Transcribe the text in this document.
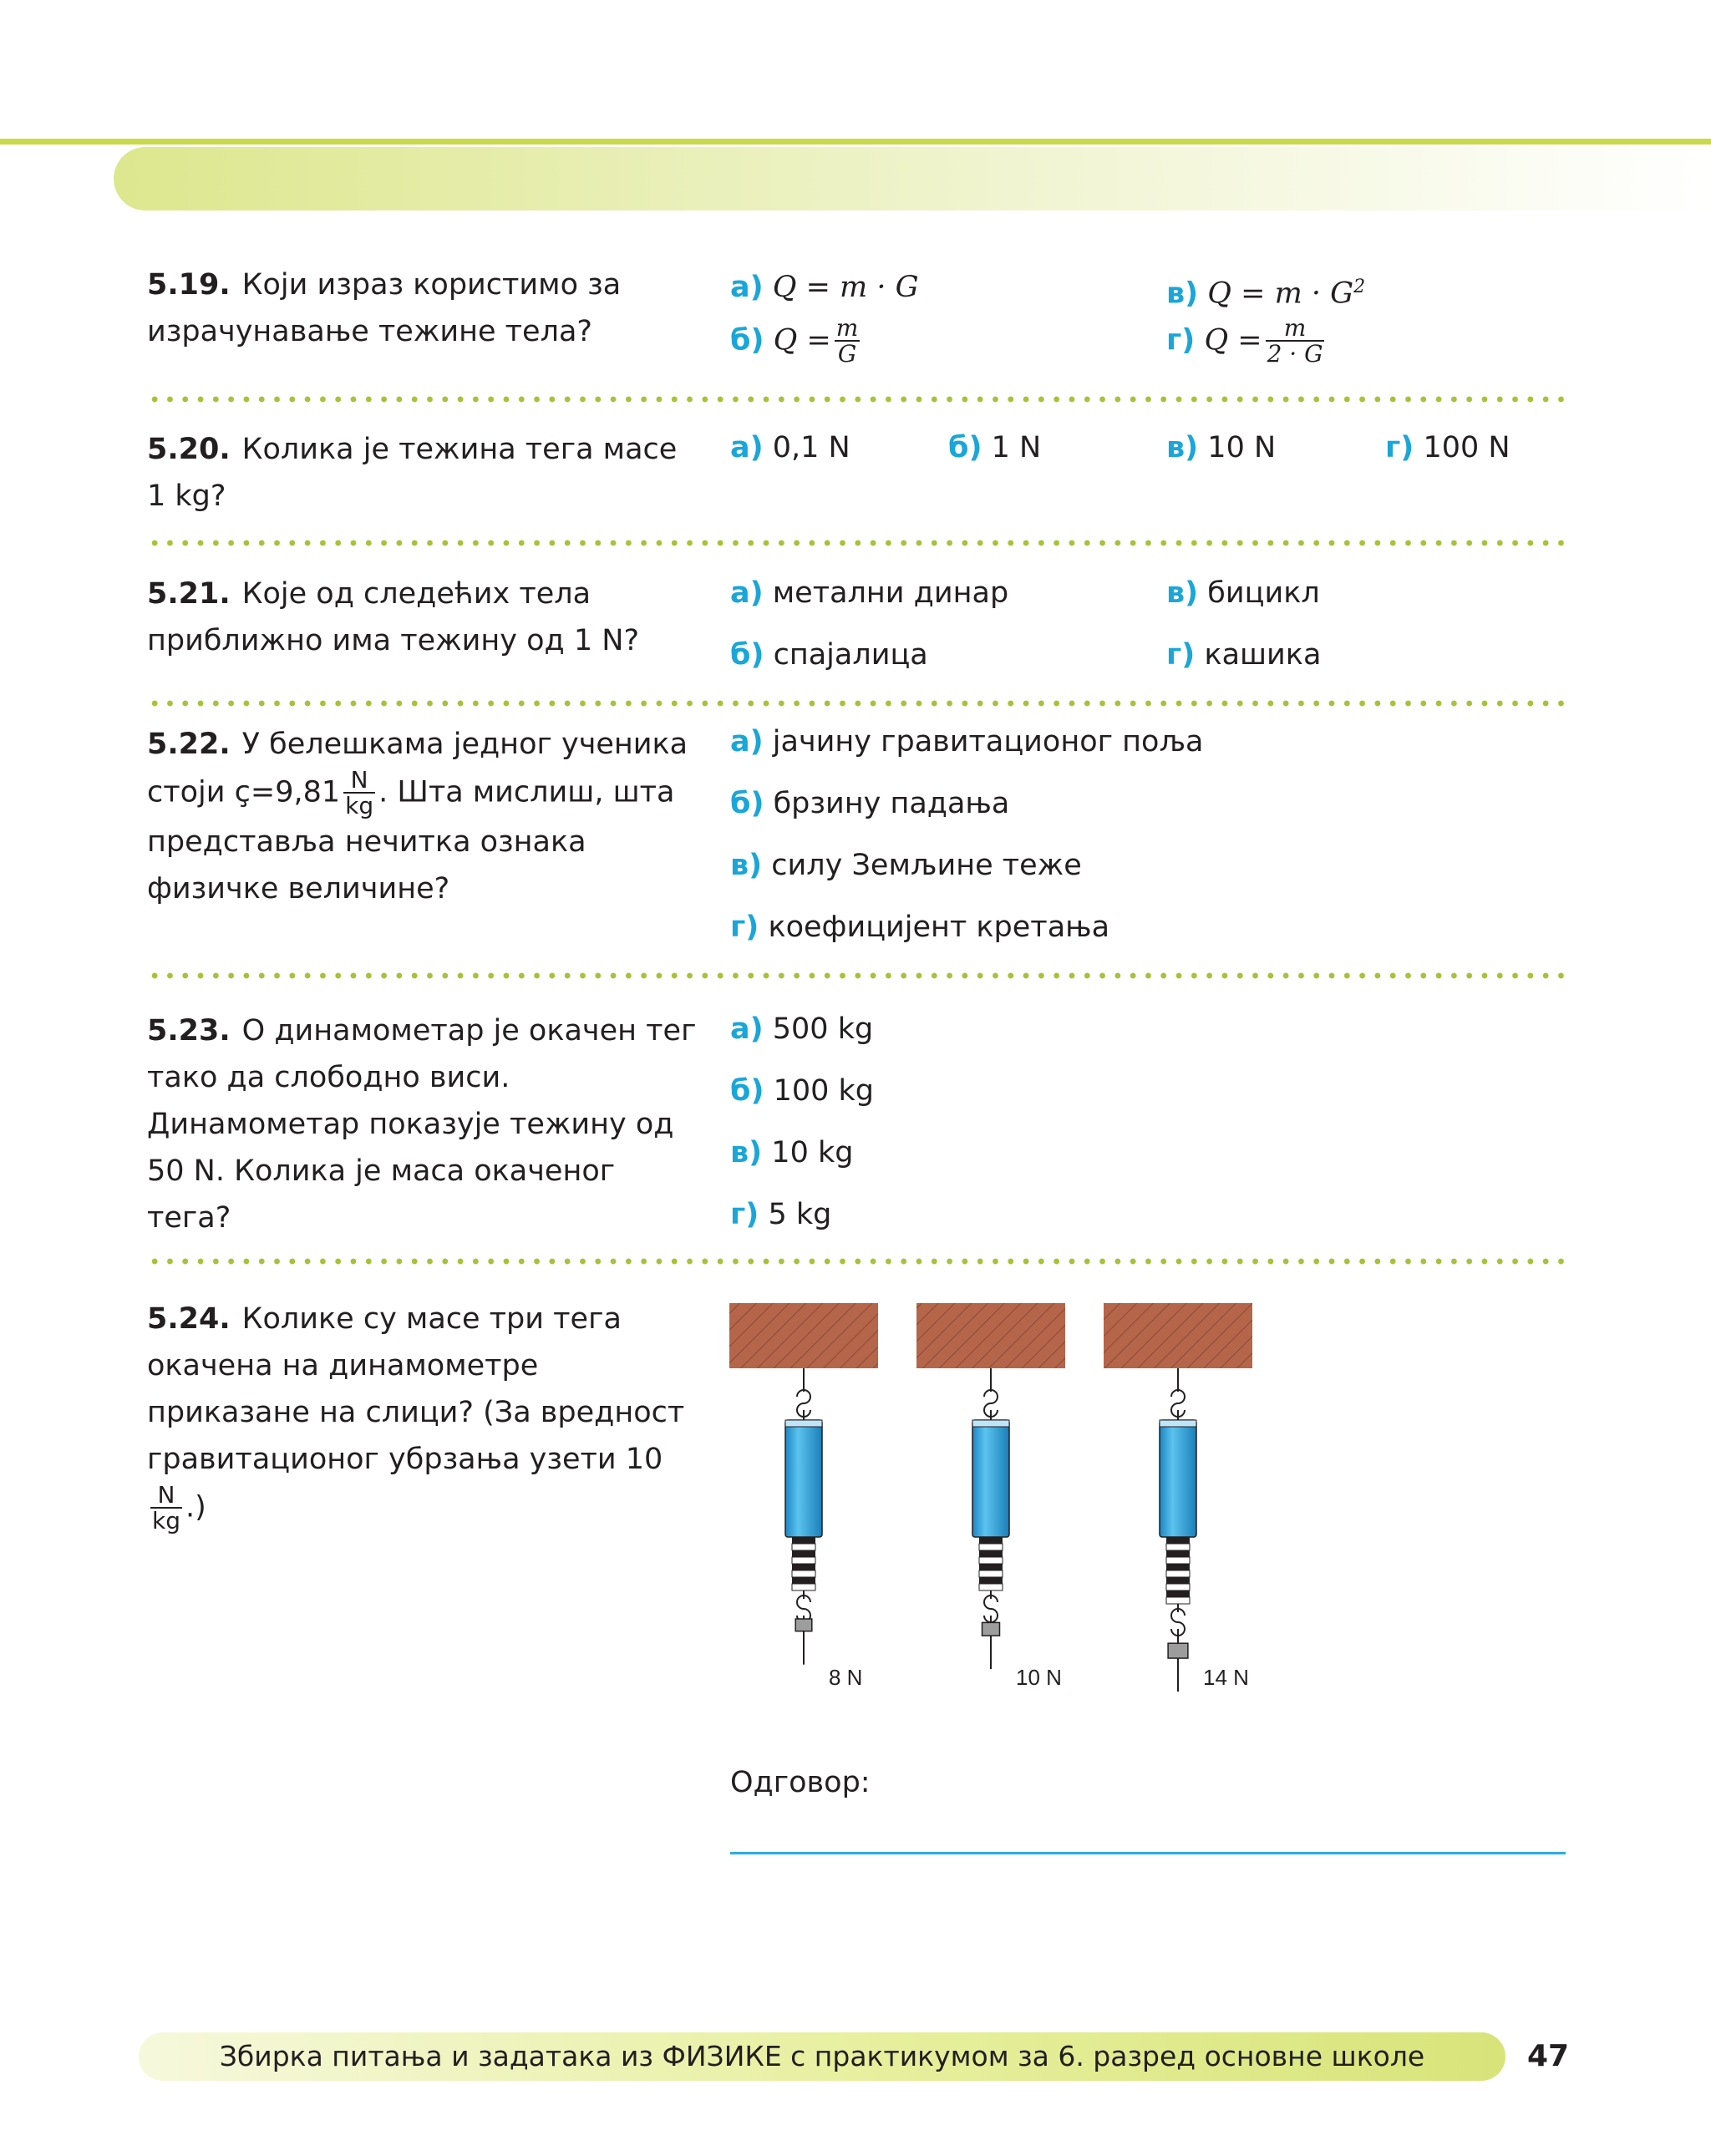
5.19. Који израз користимо за израчунавање тежине тела?
а) Q = m · G
б) $Q = \frac{m}{G}$
в) $Q = m \cdot G^2$
г) $Q = \frac{m}{2 \cdot G}$
5.20. Колика је тежина тега масе 1 kg?
а) 0,1 N	б) 1 N	в) 10 N	г) 100 N
5.21. Које од следећих тела приближно има тежину од 1 N?
а) метални динар
б) спајалица
в) бицикл
г) кашика
5.22. У белешкама једног ученика стоји ç=9,81 $\frac{N}{kg}$ . Шта мислиш, шта представља нечитка ознака физичке величине?
а) јачину гравитационог поља
б) брзину падања
в) силу Земљине теже
г) коефицијент кретања
5.23. О динамометар је окачен тег тако да слободно виси. Динамометар показује тежину од 50 N. Колика је маса окаченог тега?
а) 500 kg
б) 100 kg
в) 10 kg
г) 5 kg
5.24. Колике су масе три тега окачена на динамометре приказане на слици? (За вредност гравитационог убрзања узети 10
$\frac{N}{kg}$ .)
8 N	10 N	14 N
Одговор:
Збирка питања и задатака из ФИЗИКЕ с практикумом за 6. разред основне школе	47
